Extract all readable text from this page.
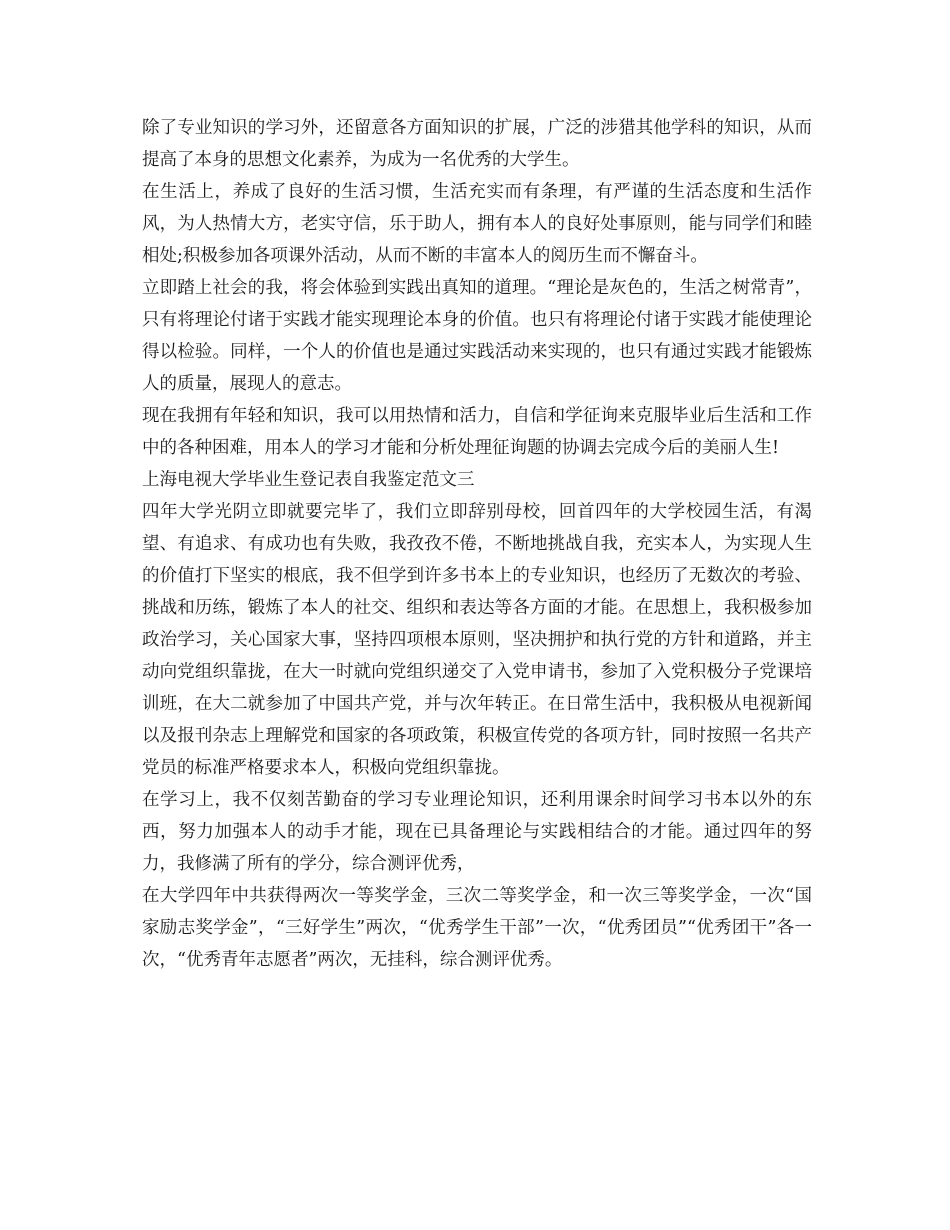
除了专业知识的学习外，还留意各方面知识的扩展，广泛的涉猎其他学科的知识，从而提高了本身的思想文化素养，为成为一名优秀的大学生。

在生活上，养成了良好的生活习惯，生活充实而有条理，有严谨的生活态度和生活作风，为人热情大方，老实守信，乐于助人，拥有本人的良好处事原则，能与同学们和睦相处;积极参加各项课外活动，从而不断的丰富本人的阅历生而不懈奋斗。

立即踏上社会的我，将会体验到实践出真知的道理。“理论是灰色的，生活之树常青”，只有将理论付诸于实践才能实现理论本身的价值。也只有将理论付诸于实践才能使理论得以检验。同样，一个人的价值也是通过实践活动来实现的，也只有通过实践才能锻炼人的质量，展现人的意志。

现在我拥有年轻和知识，我可以用热情和活力，自信和学征询来克服毕业后生活和工作中的各种困难，用本人的学习才能和分析处理征询题的协调去完成今后的美丽人生!

上海电视大学毕业生登记表自我鉴定范文三

四年大学光阴立即就要完毕了，我们立即辞别母校，回首四年的大学校园生活，有渴望、有追求、有成功也有失败，我孜孜不倦，不断地挑战自我，充实本人，为实现人生的价值打下坚实的根底，我不但学到许多书本上的专业知识，也经历了无数次的考验、挑战和历练，锻炼了本人的社交、组织和表达等各方面的才能。在思想上，我积极参加政治学习，关心国家大事，坚持四项根本原则，坚决拥护和执行党的方针和道路，并主动向党组织靠拢，在大一时就向党组织递交了入党申请书，参加了入党积极分子党课培训班，在大二就参加了中国共产党，并与次年转正。在日常生活中，我积极从电视新闻以及报刊杂志上理解党和国家的各项政策，积极宣传党的各项方针，同时按照一名共产党员的标准严格要求本人，积极向党组织靠拢。

在学习上，我不仅刻苦勤奋的学习专业理论知识，还利用课余时间学习书本以外的东西，努力加强本人的动手才能，现在已具备理论与实践相结合的才能。通过四年的努力，我修满了所有的学分，综合测评优秀，

在大学四年中共获得两次一等奖学金，三次二等奖学金，和一次三等奖学金，一次“国家励志奖学金”，“三好学生”两次，“优秀学生干部”一次，“优秀团员”“优秀团干”各一次，“优秀青年志愿者”两次，无挂科，综合测评优秀。
